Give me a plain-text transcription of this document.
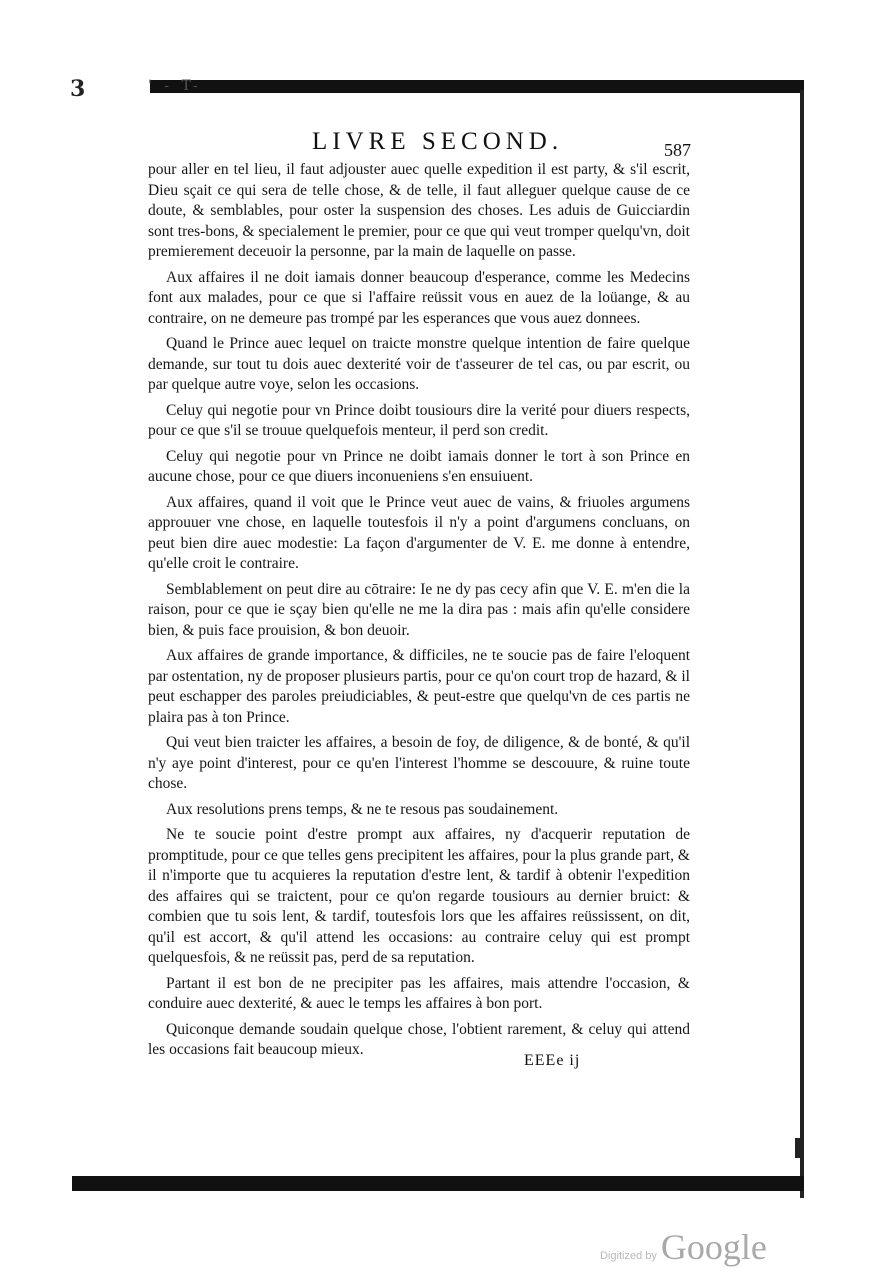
3	' - T-
LIVRE SECOND.	587

pour aller en tel lieu, il faut adjouster auec quelle expedition il est party, & s'il escrit, Dieu sçait ce qui sera de telle chose, & de telle, il faut alleguer quelque cause de ce doute, & semblables, pour oster la suspension des choses. Les aduis de Guicciardin sont tres-bons, & specialement le premier, pour ce que qui veut tromper quelqu'vn, doit premierement deceuoir la personne, par la main de laquelle on passe.

Aux affaires il ne doit iamais donner beaucoup d'esperance, comme les Medecins font aux malades, pour ce que si l'affaire reüssit vous en auez de la loüange, & au contraire, on ne demeure pas trompé par les esperances que vous auez donnees.

Quand le Prince auec lequel on traicte monstre quelque intention de faire quelque demande, sur tout tu dois auec dexterité voir de t'asseurer de tel cas, ou par escrit, ou par quelque autre voye, selon les occasions.

Celuy qui negotie pour vn Prince doibt tousiours dire la verité pour diuers respects, pour ce que s'il se trouue quelquefois menteur, il perd son credit.

Celuy qui negotie pour vn Prince ne doibt iamais donner le tort à son Prince en aucune chose, pour ce que diuers inconueniens s'en ensuiuent.

Aux affaires, quand il voit que le Prince veut auec de vains, & friuoles argumens approuuer vne chose, en laquelle toutesfois il n'y a point d'argumens concluans, on peut bien dire auec modestie: La façon d'argumenter de V. E. me donne à entendre, qu'elle croit le contraire.

Semblablement on peut dire au cōtraire: Ie ne dy pas cecy afin que V. E. m'en die la raison, pour ce que ie sçay bien qu'elle ne me la dira pas : mais afin qu'elle considere bien, & puis face prouision, & bon deuoir.

Aux affaires de grande importance, & difficiles, ne te soucie pas de faire l'eloquent par ostentation, ny de proposer plusieurs partis, pour ce qu'on court trop de hazard, & il peut eschapper des paroles preiudiciables, & peut-estre que quelqu'vn de ces partis ne plaira pas à ton Prince.

Qui veut bien traicter les affaires, a besoin de foy, de diligence, & de bonté, & qu'il n'y aye point d'interest, pour ce qu'en l'interest l'homme se descouure, & ruine toute chose.

Aux resolutions prens temps, & ne te resous pas soudainement.

Ne te soucie point d'estre prompt aux affaires, ny d'acquerir reputation de promptitude, pour ce que telles gens precipitent les affaires, pour la plus grande part, & il n'importe que tu acquieres la reputation d'estre lent, & tardif à obtenir l'expedition des affaires qui se traictent, pour ce qu'on regarde tousiours au dernier bruict: & combien que tu sois lent, & tardif, toutesfois lors que les affaires reüssissent, on dit, qu'il est accort, & qu'il attend les occasions: au contraire celuy qui est prompt quelquesfois, & ne reüssit pas, perd de sa reputation.

Partant il est bon de ne precipiter pas les affaires, mais attendre l'occasion, & conduire auec dexterité, & auec le temps les affaires à bon port.

Quiconque demande soudain quelque chose, l'obtient rarement, & celuy qui attend les occasions fait beaucoup mieux.

EEEe ij
Digitized by Google
